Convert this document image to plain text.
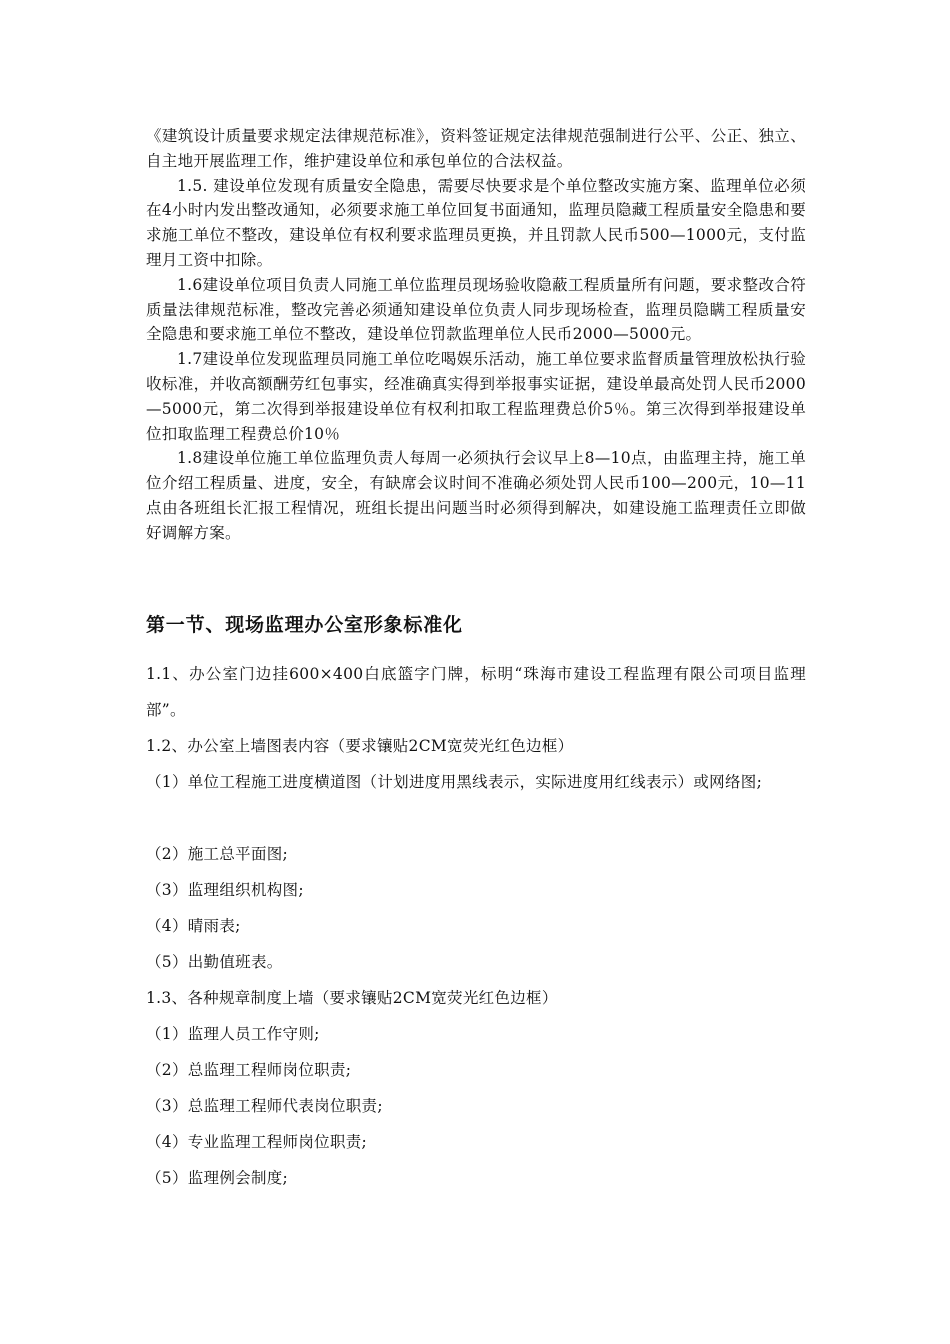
《建筑设计质量要求规定法律规范标准》，资料签证规定法律规范强制进行公平、公正、独立、自主地开展监理工作，维护建设单位和承包单位的合法权益。

1.5. 建设单位发现有质量安全隐患，需要尽快要求是个单位整改实施方案、监理单位必须在4小时内发出整改通知，必须要求施工单位回复书面通知，监理员隐藏工程质量安全隐患和要求施工单位不整改，建设单位有权利要求监理员更换，并且罚款人民币500—1000元，支付监理月工资中扣除。

1.6建设单位项目负责人同施工单位监理员现场验收隐蔽工程质量所有问题，要求整改合符质量法律规范标准，整改完善必须通知建设单位负责人同步现场检查，监理员隐瞒工程质量安全隐患和要求施工单位不整改，建设单位罚款监理单位人民币2000—5000元。

1.7建设单位发现监理员同施工单位吃喝娱乐活动，施工单位要求监督质量管理放松执行验收标准，并收高额酬劳红包事实，经准确真实得到举报事实证据，建设单最高处罚人民币2000—5000元，第二次得到举报建设单位有权利扣取工程监理费总价5％。第三次得到举报建设单位扣取监理工程费总价10％

1.8建设单位施工单位监理负责人每周一必须执行会议早上8—10点，由监理主持，施工单位介绍工程质量、进度，安全，有缺席会议时间不准确必须处罚人民币100—200元，10—11点由各班组长汇报工程情况，班组长提出问题当时必须得到解决，如建设施工监理责任立即做好调解方案。

第一节、现场监理办公室形象标准化

1.1、办公室门边挂600×400白底篮字门牌，标明“珠海市建设工程监理有限公司项目监理部”。

1.2、办公室上墙图表内容（要求镶贴2CM宽荧光红色边框）

（1）单位工程施工进度横道图（计划进度用黑线表示，实际进度用红线表示）或网络图;

（2）施工总平面图;

（3）监理组织机构图;

（4）晴雨表;

（5）出勤值班表。

1.3、各种规章制度上墙（要求镶贴2CM宽荧光红色边框）

（1）监理人员工作守则;

（2）总监理工程师岗位职责;

（3）总监理工程师代表岗位职责;

（4）专业监理工程师岗位职责;

（5）监理例会制度;
